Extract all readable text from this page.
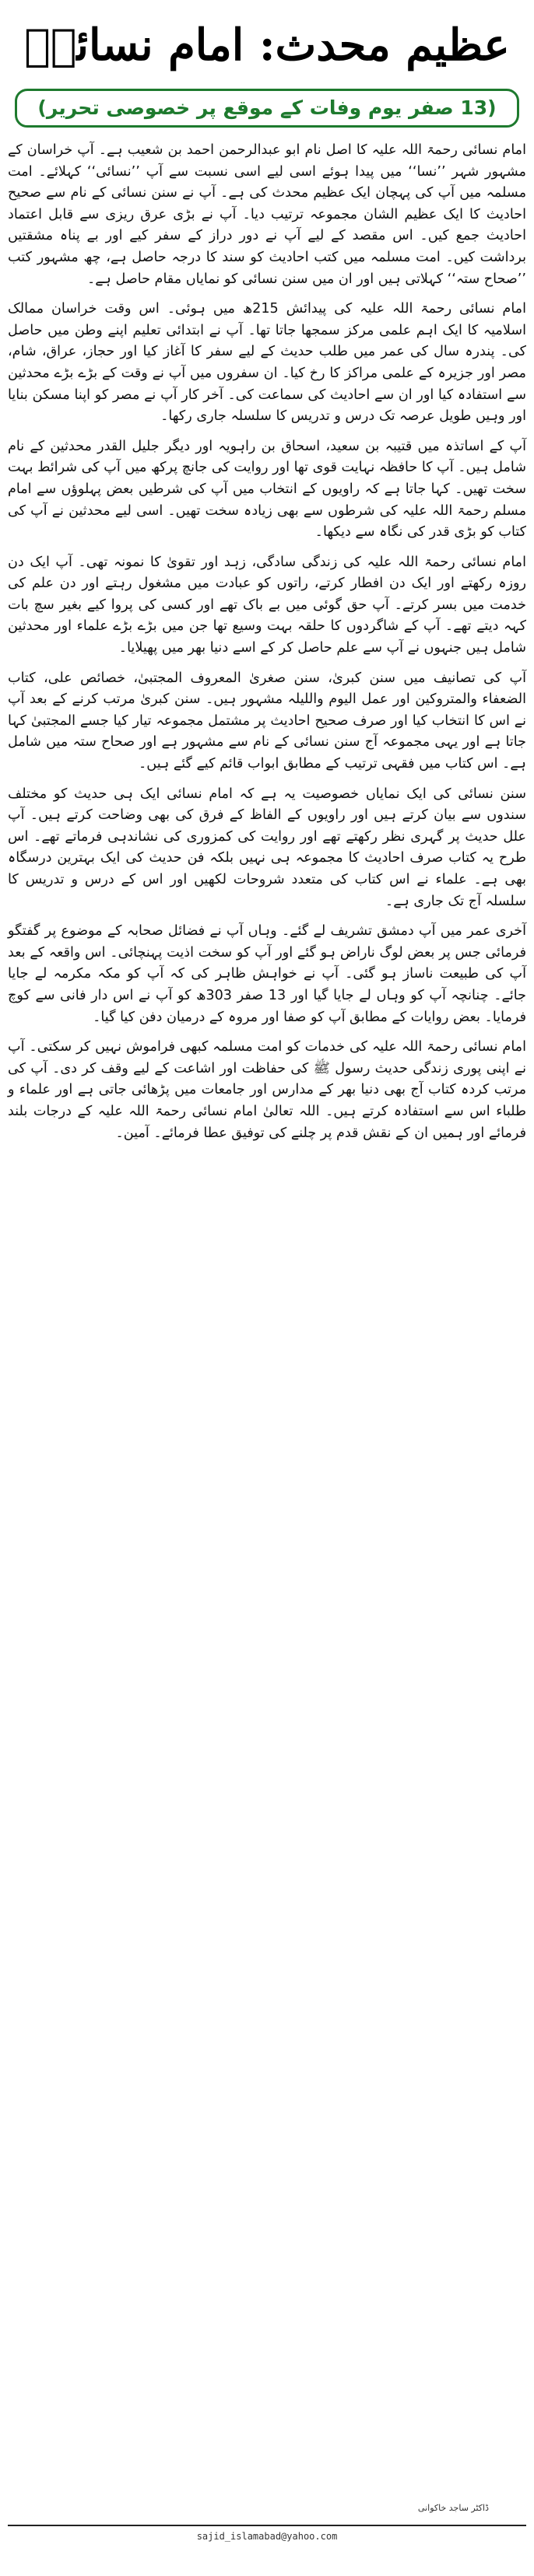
عظیم محدث: امام نسائیؒ
(13 صفر یوم وفات کے موقع پر خصوصی تحریر)

امام نسائی رحمۃ اللہ علیہ کا اصل نام ابو عبدالرحمن احمد بن شعیب ہے۔ آپ خراسان کے مشہور شہر ’’نسا‘‘ میں پیدا ہوئے اسی لیے اسی نسبت سے آپ ’’نسائی‘‘ کہلائے۔ امت مسلمہ میں آپ کی پہچان ایک عظیم محدث کی ہے۔ آپ نے سنن نسائی کے نام سے صحیح احادیث کا ایک عظیم الشان مجموعہ ترتیب دیا۔ آپ نے بڑی عرق ریزی سے قابل اعتماد احادیث جمع کیں۔ اس مقصد کے لیے آپ نے دور دراز کے سفر کیے اور بے پناہ مشقتیں برداشت کیں۔ امت مسلمہ میں کتب احادیث کو سند کا درجہ حاصل ہے، چھ مشہور کتب ’’صحاح ستہ‘‘ کہلاتی ہیں اور ان میں سنن نسائی کو نمایاں مقام حاصل ہے۔

امام نسائی رحمۃ اللہ علیہ کی پیدائش 215ھ میں ہوئی۔ اس وقت خراسان ممالک اسلامیہ کا ایک اہم علمی مرکز سمجھا جاتا تھا۔ آپ نے ابتدائی تعلیم اپنے وطن میں حاصل کی۔ پندرہ سال کی عمر میں طلب حدیث کے لیے سفر کا آغاز کیا اور حجاز، عراق، شام، مصر اور جزیرہ کے علمی مراکز کا رخ کیا۔ ان سفروں میں آپ نے وقت کے بڑے بڑے محدثین سے استفادہ کیا اور ان سے احادیث کی سماعت کی۔ آخر کار آپ نے مصر کو اپنا مسکن بنایا اور وہیں طویل عرصہ تک درس و تدریس کا سلسلہ جاری رکھا۔

آپ کے اساتذہ میں قتیبہ بن سعید، اسحاق بن راہویہ اور دیگر جلیل القدر محدثین کے نام شامل ہیں۔ آپ کا حافظہ نہایت قوی تھا اور روایت کی جانچ پرکھ میں آپ کی شرائط بہت سخت تھیں۔ کہا جاتا ہے کہ راویوں کے انتخاب میں آپ کی شرطیں بعض پہلوؤں سے امام مسلم رحمۃ اللہ علیہ کی شرطوں سے بھی زیادہ سخت تھیں۔ اسی لیے محدثین نے آپ کی کتاب کو بڑی قدر کی نگاہ سے دیکھا۔

امام نسائی رحمۃ اللہ علیہ کی زندگی سادگی، زہد اور تقویٰ کا نمونہ تھی۔ آپ ایک دن روزہ رکھتے اور ایک دن افطار کرتے، راتوں کو عبادت میں مشغول رہتے اور دن علم کی خدمت میں بسر کرتے۔ آپ حق گوئی میں بے باک تھے اور کسی کی پروا کیے بغیر سچ بات کہہ دیتے تھے۔ آپ کے شاگردوں کا حلقہ بہت وسیع تھا جن میں بڑے بڑے علماء اور محدثین شامل ہیں جنہوں نے آپ سے علم حاصل کر کے اسے دنیا بھر میں پھیلایا۔

آپ کی تصانیف میں سنن کبریٰ، سنن صغریٰ المعروف المجتبیٰ، خصائص علی، کتاب الضعفاء والمتروکین اور عمل الیوم واللیلہ مشہور ہیں۔ سنن کبریٰ مرتب کرنے کے بعد آپ نے اس کا انتخاب کیا اور صرف صحیح احادیث پر مشتمل مجموعہ تیار کیا جسے المجتبیٰ کہا جاتا ہے اور یہی مجموعہ آج سنن نسائی کے نام سے مشہور ہے اور صحاح ستہ میں شامل ہے۔ اس کتاب میں فقہی ترتیب کے مطابق ابواب قائم کیے گئے ہیں۔

سنن نسائی کی ایک نمایاں خصوصیت یہ ہے کہ امام نسائی ایک ہی حدیث کو مختلف سندوں سے بیان کرتے ہیں اور راویوں کے الفاظ کے فرق کی بھی وضاحت کرتے ہیں۔ آپ علل حدیث پر گہری نظر رکھتے تھے اور روایت کی کمزوری کی نشاندہی فرماتے تھے۔ اس طرح یہ کتاب صرف احادیث کا مجموعہ ہی نہیں بلکہ فن حدیث کی ایک بہترین درسگاہ بھی ہے۔ علماء نے اس کتاب کی متعدد شروحات لکھیں اور اس کے درس و تدریس کا سلسلہ آج تک جاری ہے۔

آخری عمر میں آپ دمشق تشریف لے گئے۔ وہاں آپ نے فضائل صحابہ کے موضوع پر گفتگو فرمائی جس پر بعض لوگ ناراض ہو گئے اور آپ کو سخت اذیت پہنچائی۔ اس واقعہ کے بعد آپ کی طبیعت ناساز ہو گئی۔ آپ نے خواہش ظاہر کی کہ آپ کو مکہ مکرمہ لے جایا جائے۔ چنانچہ آپ کو وہاں لے جایا گیا اور 13 صفر 303ھ کو آپ نے اس دار فانی سے کوچ فرمایا۔ بعض روایات کے مطابق آپ کو صفا اور مروہ کے درمیان دفن کیا گیا۔

امام نسائی رحمۃ اللہ علیہ کی خدمات کو امت مسلمہ کبھی فراموش نہیں کر سکتی۔ آپ نے اپنی پوری زندگی حدیث رسول ﷺ کی حفاظت اور اشاعت کے لیے وقف کر دی۔ آپ کی مرتب کردہ کتاب آج بھی دنیا بھر کے مدارس اور جامعات میں پڑھائی جاتی ہے اور علماء و طلباء اس سے استفادہ کرتے ہیں۔ اللہ تعالیٰ امام نسائی رحمۃ اللہ علیہ کے درجات بلند فرمائے اور ہمیں ان کے نقش قدم پر چلنے کی توفیق عطا فرمائے۔ آمین۔

ڈاکٹر ساجد خاکوانی
sajid_islamabad@yahoo.com
